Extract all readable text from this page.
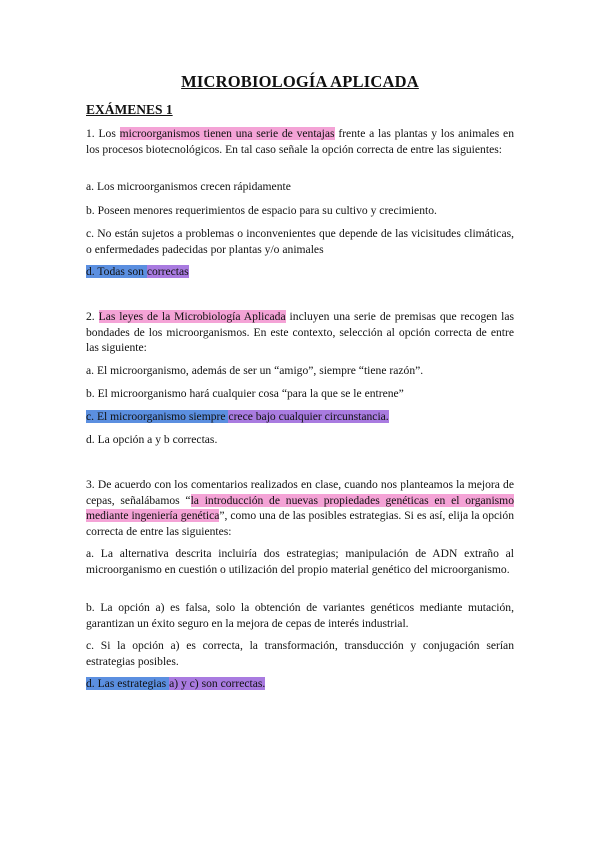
MICROBIOLOGÍA APLICADA
EXÁMENES 1

1. Los microorganismos tienen una serie de ventajas frente a las plantas y los animales en los procesos biotecnológicos. En tal caso señale la opción correcta de entre las siguientes:

a. Los microorganismos crecen rápidamente

b. Poseen menores requerimientos de espacio para su cultivo y crecimiento.

c. No están sujetos a problemas o inconvenientes que depende de las vicisitudes climáticas, o enfermedades padecidas por plantas y/o animales

d. Todas son correctas

2. Las leyes de la Microbiología Aplicada incluyen una serie de premisas que recogen las bondades de los microorganismos. En este contexto, selección al opción correcta de entre las siguiente:

a. El microorganismo, además de ser un “amigo”, siempre “tiene razón”.

b. El microorganismo hará cualquier cosa “para la que se le entrene”

c. El microorganismo siempre crece bajo cualquier circunstancia.

d. La opción a y b correctas.

3. De acuerdo con los comentarios realizados en clase, cuando nos planteamos la mejora de cepas, señalábamos “la introducción de nuevas propiedades genéticas en el organismo mediante ingeniería genética”, como una de las posibles estrategias. Si es así, elija la opción correcta de entre las siguientes:

a. La alternativa descrita incluiría dos estrategias; manipulación de ADN extraño al microorganismo en cuestión o utilización del propio material genético del microorganismo.

b. La opción a) es falsa, solo la obtención de variantes genéticos mediante mutación, garantizan un éxito seguro en la mejora de cepas de interés industrial.

c. Si la opción a) es correcta, la transformación, transducción y conjugación serían estrategias posibles.

d. Las estrategias a) y c) son correctas.
